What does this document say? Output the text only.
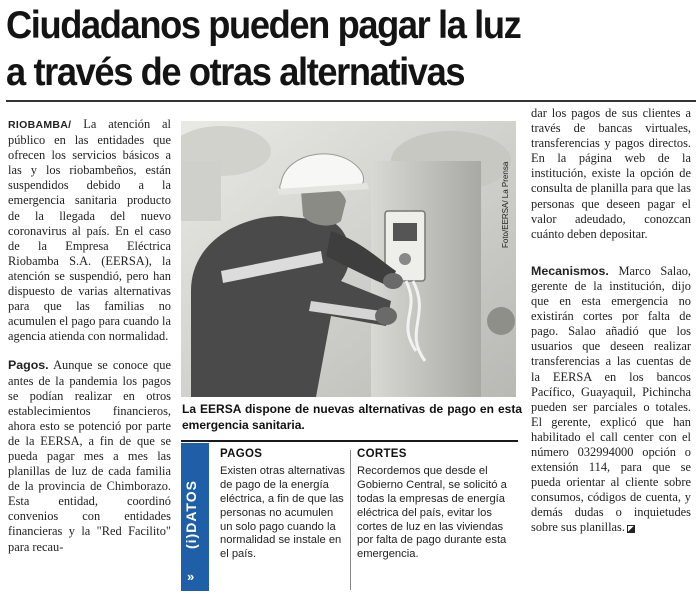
Ciudadanos pueden pagar la luz
a través de otras alternativas

RIOBAMBA/ La atención al público en las entidades que ofrecen los servicios básicos a las y los riobambeños, están suspendidos debido a la emergencia sanitaria producto de la llegada del nuevo coronavirus al país. En el caso de la Empresa Eléctrica Riobamba S.A. (EERSA), la atención se suspendió, pero han dispuesto de varias alternativas para que las familias no acumulen el pago para cuando la agencia atienda con normalidad.

Pagos. Aunque se conoce que antes de la pandemia los pagos se podían realizar en otros establecimientos financieros, ahora esto se potenció por parte de la EERSA, a fin de que se pueda pagar mes a mes las planillas de luz de cada familia de la provincia de Chimborazo. Esta entidad, coordinó convenios con entidades financieras y la "Red Facilito" para recau-

Foto/EERSA/ La Prensa
La EERSA dispone de nuevas alternativas de pago en esta emergencia sanitaria.
(i)DATOS
»
PAGOS
Existen otras alternativas de pago de la energía eléctrica, a fin de que las personas no acumulen un solo pago cuando la normalidad se instale en el país.
CORTES
Recordemos que desde el Gobierno Central, se solicitó a todas la empresas de energía eléctrica del país, evitar los cortes de luz en las viviendas por falta de pago durante esta emergencia.

dar los pagos de sus clientes a través de bancas virtuales, transferencias y pagos directos. En la página web de la institución, existe la opción de consulta de planilla para que las personas que deseen pagar el valor adeudado, conozcan cuánto deben depositar.

Mecanismos. Marco Salao, gerente de la institución, dijo que en esta emergencia no existirán cortes por falta de pago. Salao añadió que los usuarios que deseen realizar transferencias a las cuentas de la EERSA en los bancos Pacífico, Guayaquil, Pichincha pueden ser parciales o totales. El gerente, explicó que han habilitado el call center con el número 032994000 opción o extensión 114, para que se pueda orientar al cliente sobre consumos, códigos de cuenta, y demás dudas o inquietudes sobre sus planillas.
